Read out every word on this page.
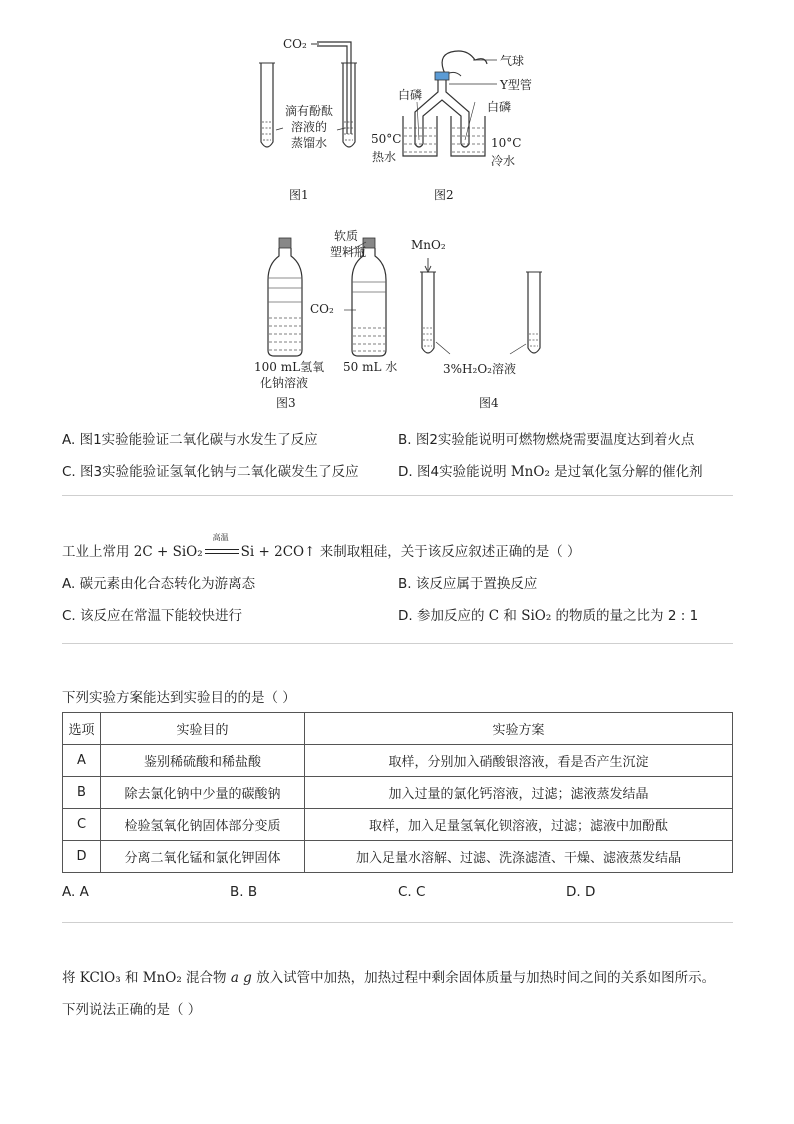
CO₂
滴有酚酞
溶液的
蒸馏水
图1
气球
Y型管
白磷
白磷
50°C
热水
10°C
冷水
图2
软质
塑料瓶
CO₂
100 mL氢氧
化钠溶液
50 mL 水
图3
MnO₂
3%H₂O₂溶液
图4
A. 图1实验能验证二氧化碳与水发生了反应	B. 图2实验能说明可燃物燃烧需要温度达到着火点
C. 图3实验能验证氢氧化钠与二氧化碳发生了反应	D. 图4实验能说明 MnO₂ 是过氧化氢分解的催化剂
工业上常用 2C + SiO₂
高温
Si + 2CO↑ 来制取粗硅，关于该反应叙述正确的是（ ）
A. 碳元素由化合态转化为游离态	B. 该反应属于置换反应
C. 该反应在常温下能较快进行	D. 参加反应的 C 和 SiO₂ 的物质的量之比为 2 : 1
下列实验方案能达到实验目的的是（ ）
选项	实验目的	实验方案
A	鉴别稀硫酸和稀盐酸	取样，分别加入硝酸银溶液，看是否产生沉淀
B	除去氯化钠中少量的碳酸钠	加入过量的氯化钙溶液，过滤；滤液蒸发结晶
C	检验氢氧化钠固体部分变质	取样，加入足量氢氧化钡溶液，过滤；滤液中加酚酞
D	分离二氧化锰和氯化钾固体	加入足量水溶解、过滤、洗涤滤渣、干燥、滤液蒸发结晶
A. A	B. B	C. C	D. D
将 KClO₃ 和 MnO₂ 混合物 a g 放入试管中加热，加热过程中剩余固体质量与加热时间之间的关系如图所示。
下列说法正确的是（ ）
